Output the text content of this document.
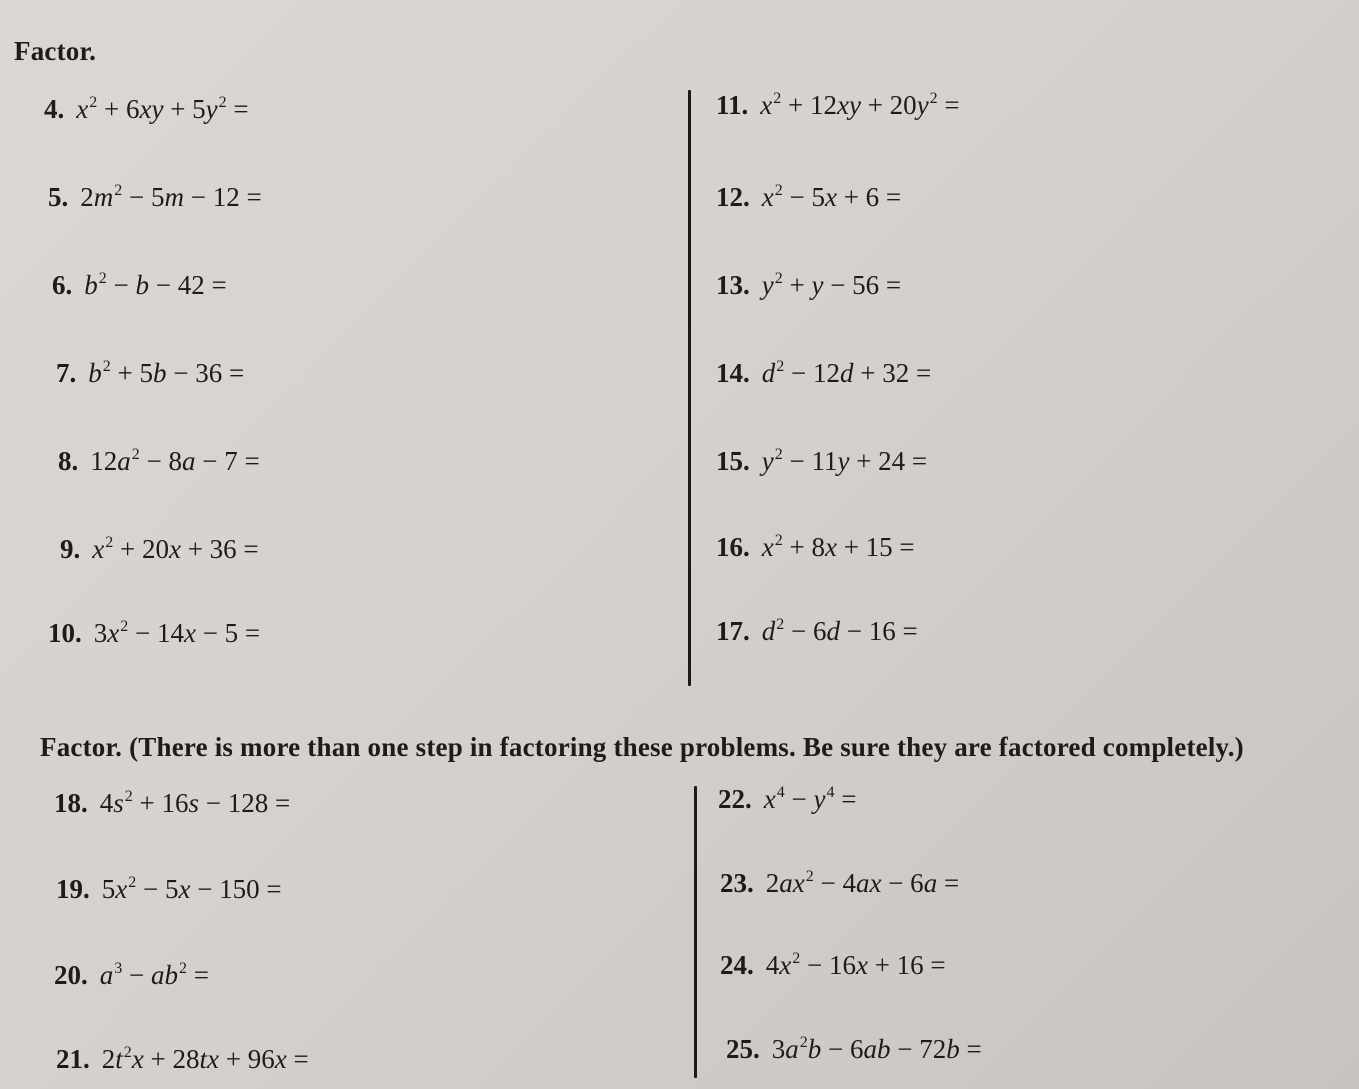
Factor.
Factor. (There is more than one step in factoring these problems. Be sure they are factored completely.)
4. $x^2 + 6xy + 5y^2$ =
5. $2m^2 - 5m - 12$ =
6. $b^2 - b - 42$ =
7. $b^2 + 5b - 36$ =
8. $12a^2 - 8a - 7$ =
9. $x^2 + 20x + 36$ =
10. $3x^2 - 14x - 5$ =
11. $x^2 + 12xy + 20y^2$ =
12. $x^2 - 5x + 6$ =
13. $y^2 + y - 56$ =
14. $d^2 - 12d + 32$ =
15. $y^2 - 11y + 24$ =
16. $x^2 + 8x + 15$ =
17. $d^2 - 6d - 16$ =
18. $4s^2 + 16s - 128$ =
19. $5x^2 - 5x - 150$ =
20. $a^3 - ab^2$ =
21. $2t^2x + 28tx + 96x$ =
22. $x^4 - y^4$ =
23. $2ax^2 - 4ax - 6a$ =
24. $4x^2 - 16x + 16$ =
25. $3a^2b - 6ab - 72b$ =
